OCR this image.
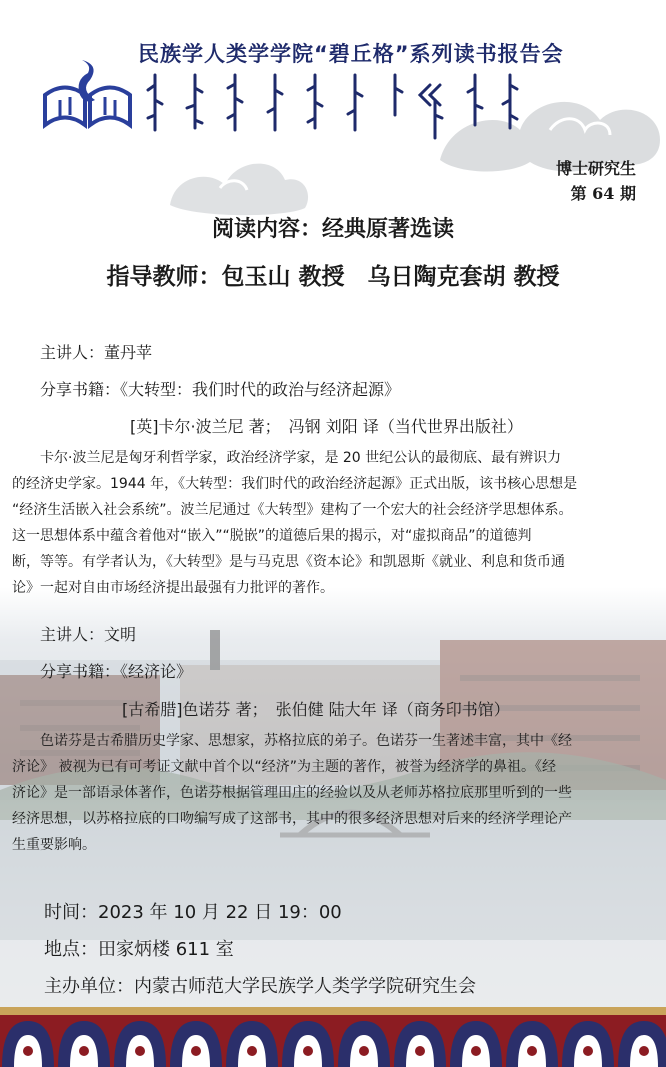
民族学人类学学院“碧丘格”系列读书报告会
博士研究生
第 64 期
阅读内容：经典原著选读
指导教师：包玉山 教授　乌日陶克套胡 教授
主讲人：董丹苹
分享书籍：《大转型：我们时代的政治与经济起源》
[英]卡尔·波兰尼 著；　冯钢 刘阳 译（当代世界出版社）
卡尔·波兰尼是匈牙利哲学家，政治经济学家，是 20 世纪公认的最彻底、最有辨识力
的经济史学家。1944 年，《大转型：我们时代的政治经济起源》正式出版，该书核心思想是
“经济生活嵌入社会系统”。波兰尼通过《大转型》建构了一个宏大的社会经济学思想体系。
这一思想体系中蕴含着他对“嵌入”“脱嵌”的道德后果的揭示，对“虚拟商品”的道德判
断，等等。有学者认为，《大转型》是与马克思《资本论》和凯恩斯《就业、利息和货币通
论》一起对自由市场经济提出最强有力批评的著作。
主讲人：文明
分享书籍：《经济论》
[古希腊]色诺芬 著；　张伯健 陆大年 译（商务印书馆）
色诺芬是古希腊历史学家、思想家，苏格拉底的弟子。色诺芬一生著述丰富，其中《经
济论》 被视为已有可考证文献中首个以“经济”为主题的著作，被誉为经济学的鼻祖。《经
济论》是一部语录体著作，色诺芬根据管理田庄的经验以及从老师苏格拉底那里听到的一些
经济思想，以苏格拉底的口吻编写成了这部书，其中的很多经济思想对后来的经济学理论产
生重要影响。
时间：2023 年 10 月 22 日 19：00
地点：田家炳楼 611 室
主办单位：内蒙古师范大学民族学人类学学院研究生会
